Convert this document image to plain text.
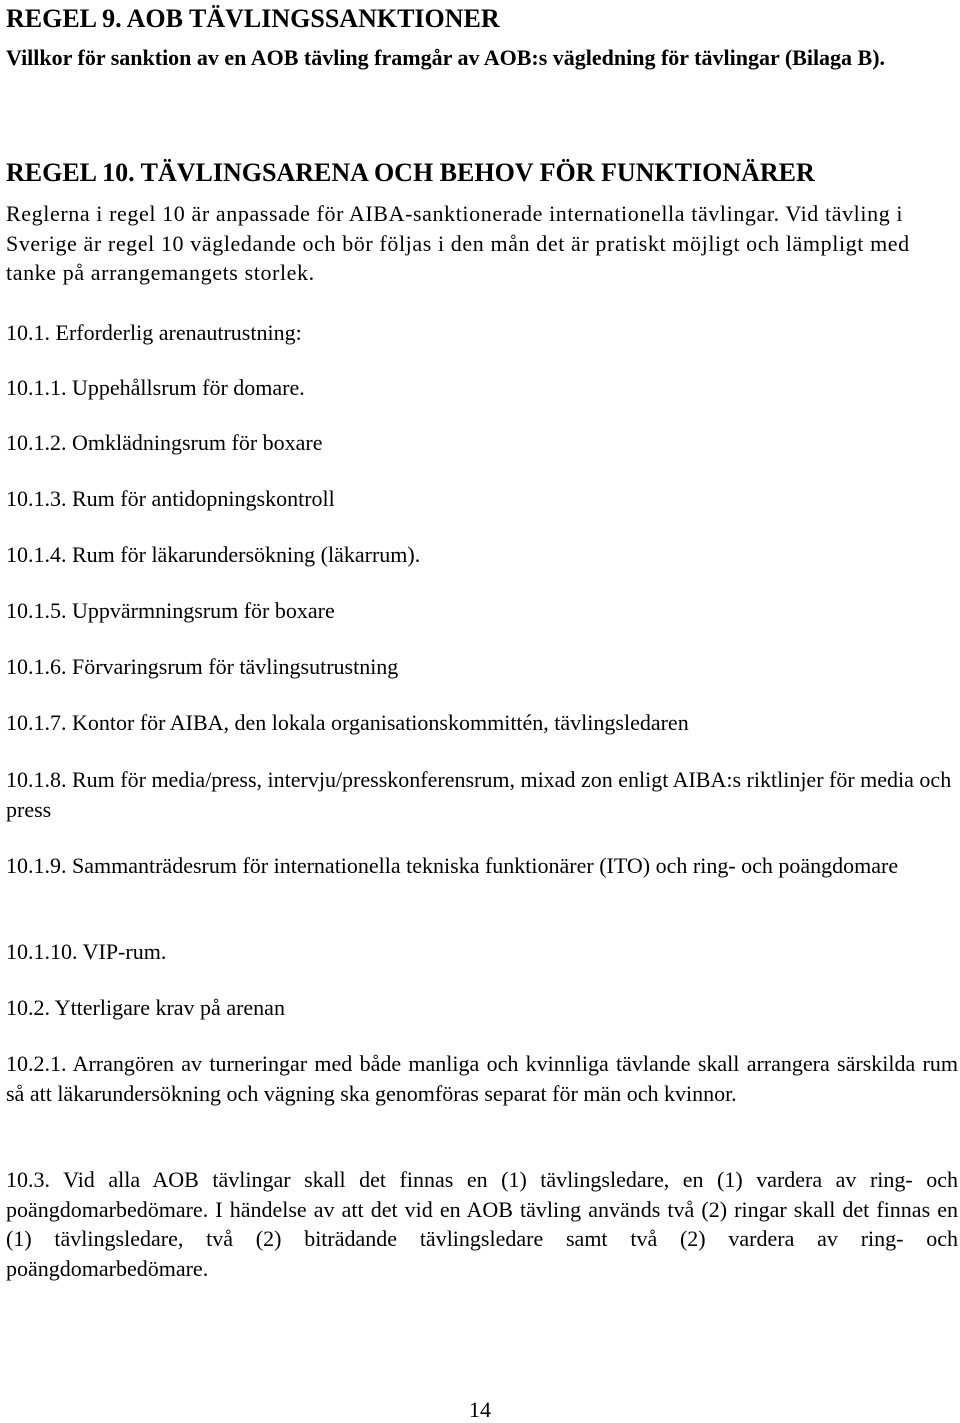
REGEL 9. AOB TÄVLINGSSANKTIONER
Villkor för sanktion av en AOB tävling framgår av AOB:s vägledning för tävlingar (Bilaga B).
REGEL 10. TÄVLINGSARENA OCH BEHOV FÖR FUNKTIONÄRER
Reglerna i regel 10 är anpassade för AIBA-sanktionerade internationella tävlingar. Vid tävling i Sverige är regel 10 vägledande och bör följas i den mån det är pratiskt möjligt och lämpligt med tanke på arrangemangets storlek.
10.1. Erforderlig arenautrustning:
10.1.1. Uppehållsrum för domare.
10.1.2. Omklädningsrum för boxare
10.1.3. Rum för antidopningskontroll
10.1.4. Rum för läkarundersökning (läkarrum).
10.1.5. Uppvärmningsrum för boxare
10.1.6. Förvaringsrum för tävlingsutrustning
10.1.7. Kontor för AIBA, den lokala organisationskommittén, tävlingsledaren
10.1.8. Rum för media/press, intervju/presskonferensrum, mixad zon enligt AIBA:s riktlinjer för media och press
10.1.9. Sammanträdesrum för internationella tekniska funktionärer (ITO) och ring- och poängdomare
10.1.10. VIP-rum.
10.2. Ytterligare krav på arenan
10.2.1. Arrangören av turneringar med både manliga och kvinnliga tävlande skall arrangera särskilda rum så att läkarundersökning och vägning ska genomföras separat för män och kvinnor.
10.3. Vid alla AOB tävlingar skall det finnas en (1) tävlingsledare, en (1) vardera av ring- och poängdomarbedömare. I händelse av att det vid en AOB tävling används två (2) ringar skall det finnas en (1) tävlingsledare, två (2) biträdande tävlingsledare samt två (2) vardera av ring- och poängdomarbedömare.
14
